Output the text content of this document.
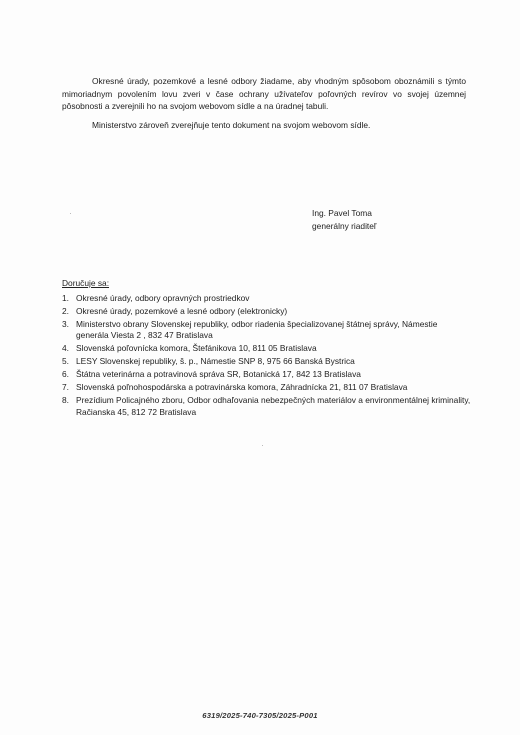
Okresné úrady, pozemkové a lesné odbory žiadame, aby vhodným spôsobom oboznámili s týmto mimoriadnym povolením lovu zveri v čase ochrany užívateľov poľovných revírov vo svojej územnej pôsobnosti a zverejnili ho na svojom webovom sídle a na úradnej tabuli.
Ministerstvo zároveň zverejňuje tento dokument na svojom webovom sídle.
Ing. Pavel Toma
generálny riaditeľ
Doručuje sa:
1. Okresné úrady, odbory opravných prostriedkov
2. Okresné úrady, pozemkové a lesné odbory (elektronicky)
3. Ministerstvo obrany Slovenskej republiky, odbor riadenia špecializovanej štátnej správy, Námestie generála Viesta 2 , 832 47 Bratislava
4. Slovenská poľovnícka komora, Štefánikova 10, 811 05 Bratislava
5. LESY Slovenskej republiky, š. p., Námestie SNP 8, 975 66 Banská Bystrica
6. Štátna veterinárna a potravinová správa SR, Botanická 17, 842 13 Bratislava
7. Slovenská poľnohospodárska a potravinárska komora, Záhradnícka 21, 811 07 Bratislava
8. Prezídium Policajného zboru, Odbor odhaľovania nebezpečných materiálov a environmentálnej kriminality, Račianska 45, 812 72 Bratislava
6319/2025-740-7305/2025-P001
